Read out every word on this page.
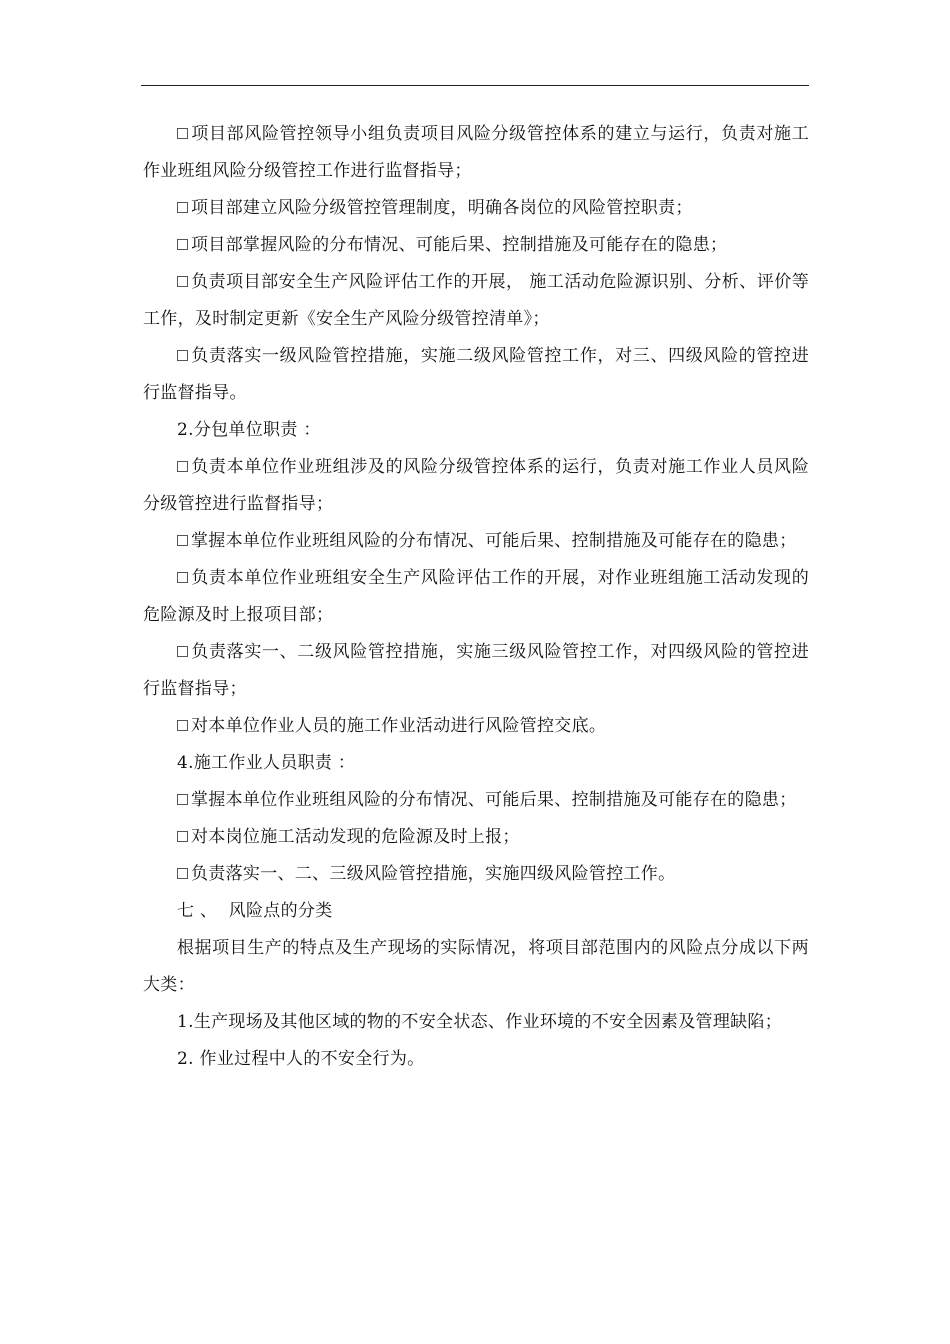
项目部风险管控领导小组负责项目风险分级管控体系的建立与运行，负责对施工作业班组风险分级管控工作进行监督指导；

项目部建立风险分级管控管理制度，明确各岗位的风险管控职责；

项目部掌握风险的分布情况、可能后果、控制措施及可能存在的隐患；

负责项目部安全生产风险评估工作的开展， 施工活动危险源识别、分析、评价等工作，及时制定更新《安全生产风险分级管控清单》；

负责落实一级风险管控措施，实施二级风险管控工作，对三、四级风险的管控进行监督指导。

2.分包单位职责 ：

负责本单位作业班组涉及的风险分级管控体系的运行，负责对施工作业人员风险分级管控进行监督指导；

掌握本单位作业班组风险的分布情况、可能后果、控制措施及可能存在的隐患；

负责本单位作业班组安全生产风险评估工作的开展，对作业班组施工活动发现的危险源及时上报项目部；

负责落实一、二级风险管控措施，实施三级风险管控工作，对四级风险的管控进行监督指导；

对本单位作业人员的施工作业活动进行风险管控交底。

4.施工作业人员职责 ：

掌握本单位作业班组风险的分布情况、可能后果、控制措施及可能存在的隐患；

对本岗位施工活动发现的危险源及时上报；

负责落实一、二、三级风险管控措施，实施四级风险管控工作。

七 、  风险点的分类

根据项目生产的特点及生产现场的实际情况，将项目部范围内的风险点分成以下两大类：

1.生产现场及其他区域的物的不安全状态、作业环境的不安全因素及管理缺陷；

2. 作业过程中人的不安全行为。
